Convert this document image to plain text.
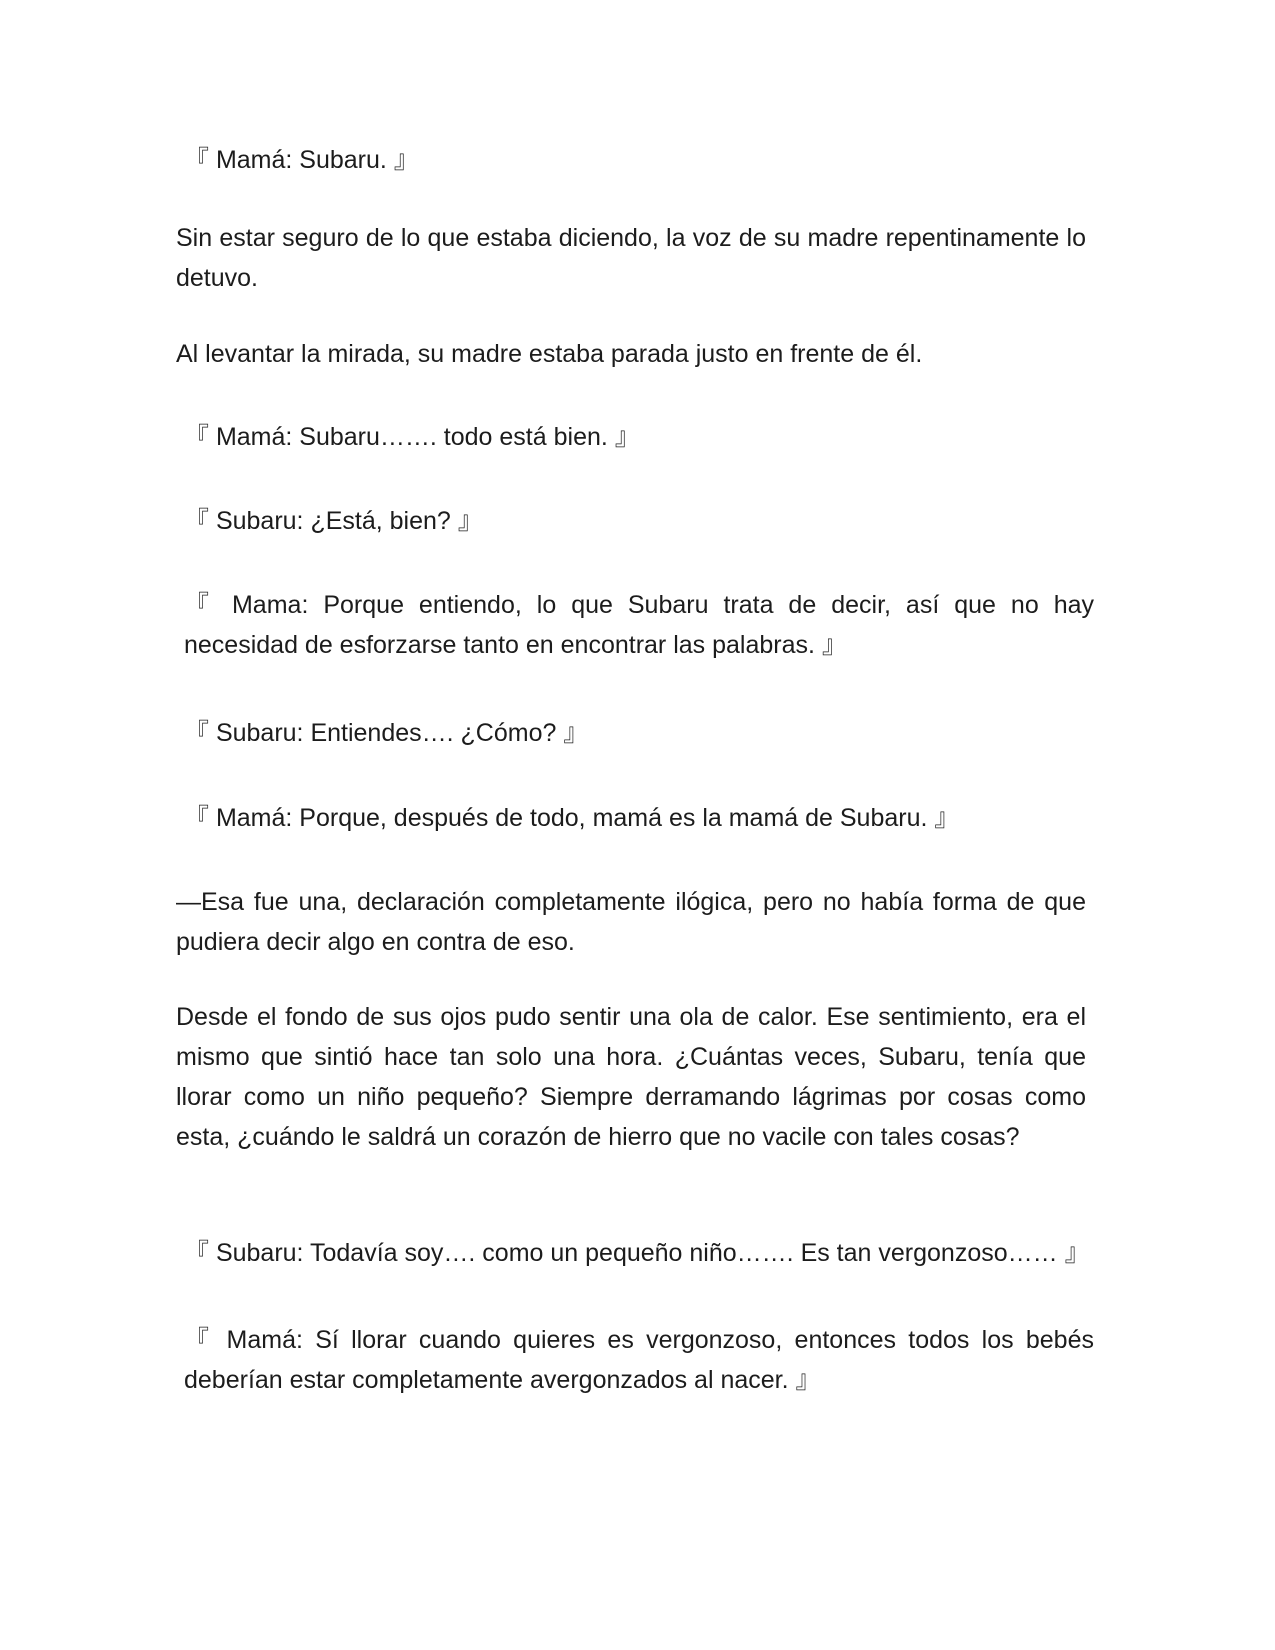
『 Mamá: Subaru. 』

Sin estar seguro de lo que estaba diciendo, la voz de su madre repentinamente lo detuvo.

Al levantar la mirada, su madre estaba parada justo en frente de él.

『 Mamá: Subaru……. todo está bien. 』

『 Subaru: ¿Está, bien? 』

『 Mama: Porque entiendo, lo que Subaru trata de decir, así que no hay necesidad de esforzarse tanto en encontrar las palabras. 』

『 Subaru: Entiendes…. ¿Cómo? 』

『 Mamá: Porque, después de todo, mamá es la mamá de Subaru. 』

—Esa fue una, declaración completamente ilógica, pero no había forma de que pudiera decir algo en contra de eso.

Desde el fondo de sus ojos pudo sentir una ola de calor. Ese sentimiento, era el mismo que sintió hace tan solo una hora. ¿Cuántas veces, Subaru, tenía que llorar como un niño pequeño? Siempre derramando lágrimas por cosas como esta, ¿cuándo le saldrá un corazón de hierro que no vacile con tales cosas?

『 Subaru: Todavía soy…. como un pequeño niño……. Es tan vergonzoso…… 』

『 Mamá: Sí llorar cuando quieres es vergonzoso, entonces todos los bebés deberían estar completamente avergonzados al nacer. 』
